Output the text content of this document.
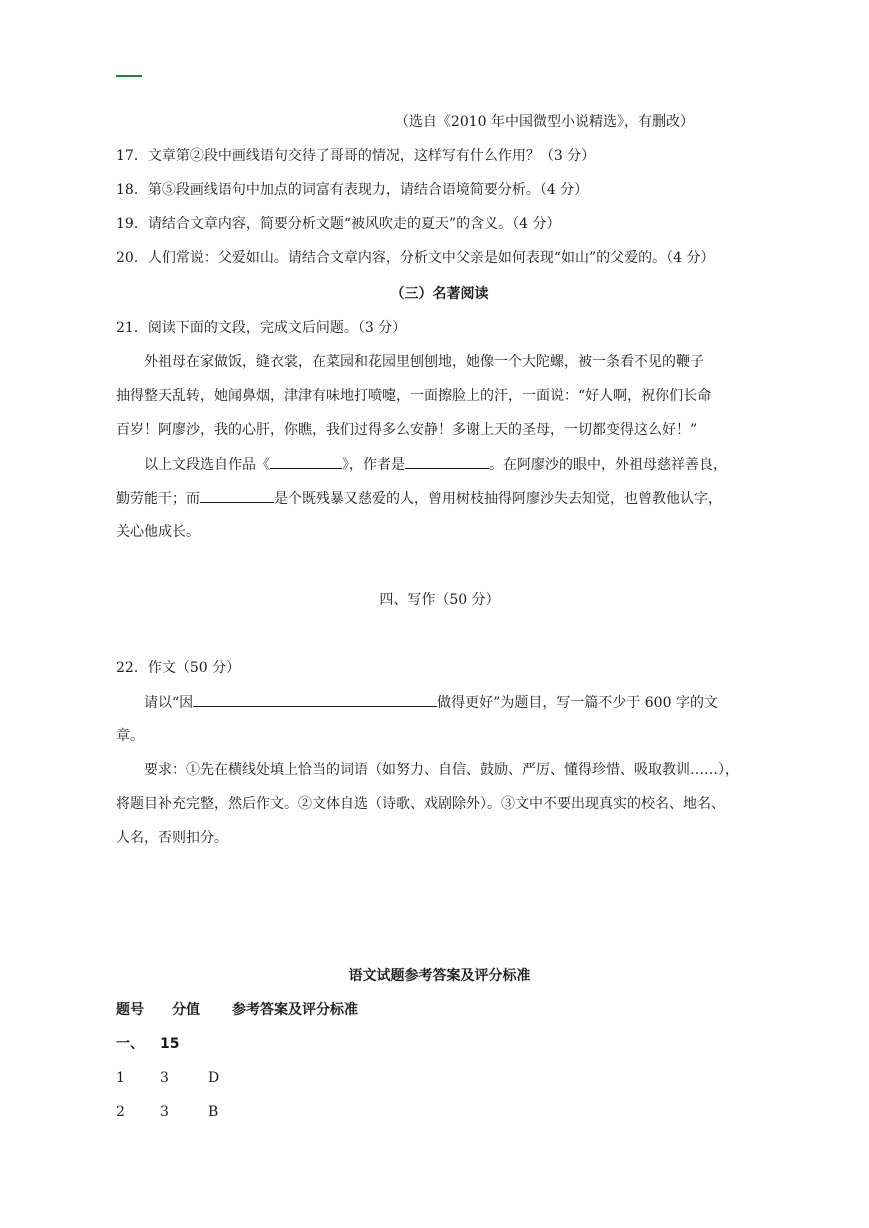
（选自《2010 年中国微型小说精选》，有删改）
17．文章第②段中画线语句交待了哥哥的情况，这样写有什么作用？（3 分）
18．第⑤段画线语句中加点的词富有表现力，请结合语境简要分析。（4 分）
19．请结合文章内容，简要分析文题“被风吹走的夏天”的含义。（4 分）
20．人们常说：父爱如山。请结合文章内容，分析文中父亲是如何表现“如山”的父爱的。（4 分）
（三）名著阅读
21．阅读下面的文段，完成文后问题。（3 分）
外祖母在家做饭，缝衣裳，在菜园和花园里刨刨地，她像一个大陀螺，被一条看不见的鞭子
抽得整天乱转，她闻鼻烟，津津有味地打喷嚏，一面擦脸上的汗，一面说：“好人啊，祝你们长命
百岁！阿廖沙，我的心肝，你瞧，我们过得多么安静！多谢上天的圣母，一切都变得这么好！”
以上文段选自作品《	》，作者是	。在阿廖沙的眼中，外祖母慈祥善良，
勤劳能干；而	是个既残暴又慈爱的人，曾用树枝抽得阿廖沙失去知觉，也曾教他认字，
关心他成长。
四、写作（50 分）
22．作文（50 分）
请以“因	做得更好”为题目，写一篇不少于 600 字的文
章。
要求：①先在横线处填上恰当的词语（如努力、自信、鼓励、严厉、懂得珍惜、吸取教训……），
将题目补充完整，然后作文。②文体自选（诗歌、戏剧除外）。③文中不要出现真实的校名、地名、
人名，否则扣分。
语文试题参考答案及评分标准
题号 分值 参考答案及评分标准
一、 15
1	3	D
2	3	B
